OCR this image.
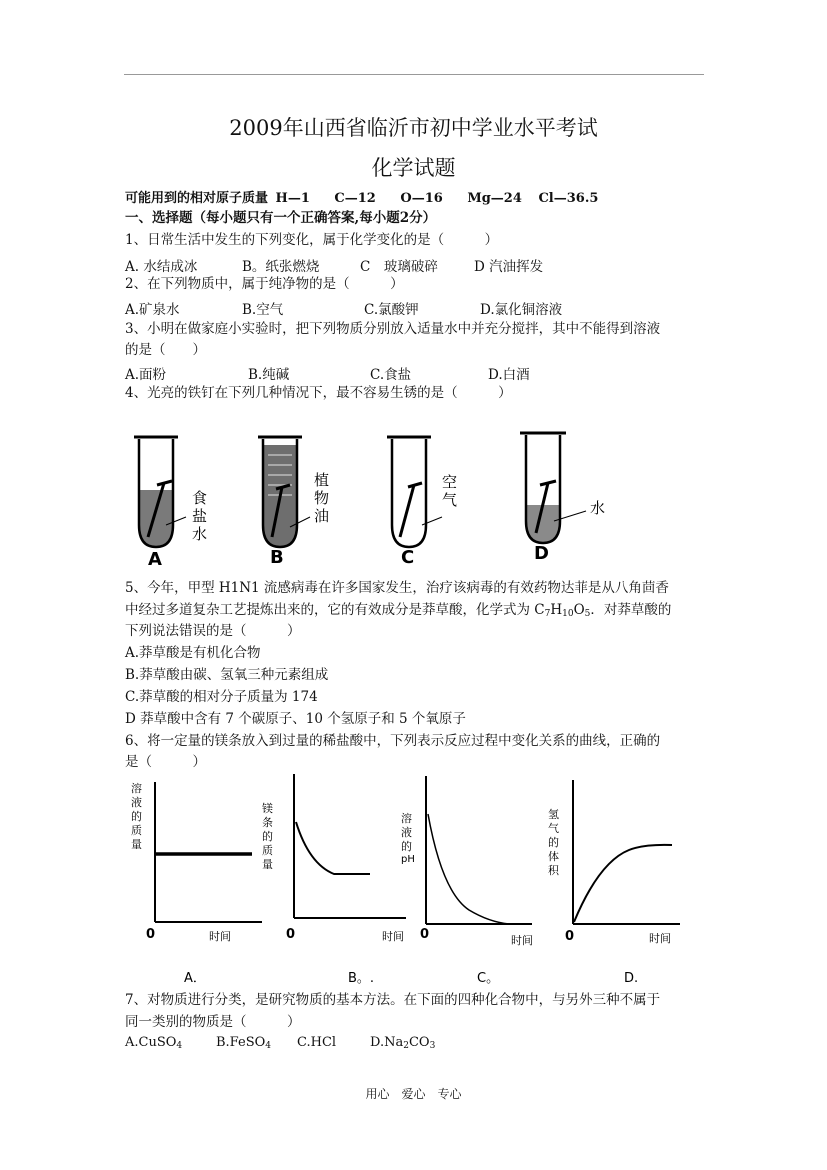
2009年山西省临沂市初中学业水平考试
化学试题
可能用到的相对原子质量 H—1 C—12 O—16 Mg—24 Cl—36.5
一、选择题（每小题只有一个正确答案,每小题2分）
1、日常生活中发生的下列变化，属于化学变化的是（　　　）
A. 水结成冰	B。纸张燃烧	C　玻璃破碎	D 汽油挥发
2、在下列物质中，属于纯净物的是（　　　）
A.矿泉水	B.空气	C.氯酸钾	D.氯化铜溶液
3、小明在做家庭小实验时，把下列物质分别放入适量水中并充分搅拌，其中不能得到溶液
的是（　　）
A.面粉	B.纯碱	C.食盐	D.白酒
4、光亮的铁钉在下列几种情况下，最不容易生锈的是（　　　）
食
盐
水
植
物
油
空
气	水
A	B	C	D
5、今年，甲型 H1N1 流感病毒在许多国家发生，治疗该病毒的有效药物达菲是从八角茴香
中经过多道复杂工艺提炼出来的，它的有效成分是莽草酸，化学式为 $C_7H_{10}O_5$．对莽草酸的
下列说法错误的是（　　　）
A.莽草酸是有机化合物
B.莽草酸由碳、氢氧三种元素组成
C.莽草酸的相对分子质量为 174
D 莽草酸中含有 7 个碳原子、10 个氢原子和 5 个氧原子
6、将一定量的镁条放入到过量的稀盐酸中，下列表示反应过程中变化关系的曲线，正确的
是（　　　）
溶
液
的
质
量
0	时间
镁
条
的
质
量
0	时间
溶
液
的
pH
0	时间
氢
气
的
体
积
0	时间
A．	B。.	C。	D.
7、对物质进行分类，是研究物质的基本方法。在下面的四种化合物中，与另外三种不属于
同一类别的物质是（　　　）
A.CuSO$_4$	B.FeSO$_4$ C.HCl	$D.Na_2CO_3$
用心　爱心　专心
